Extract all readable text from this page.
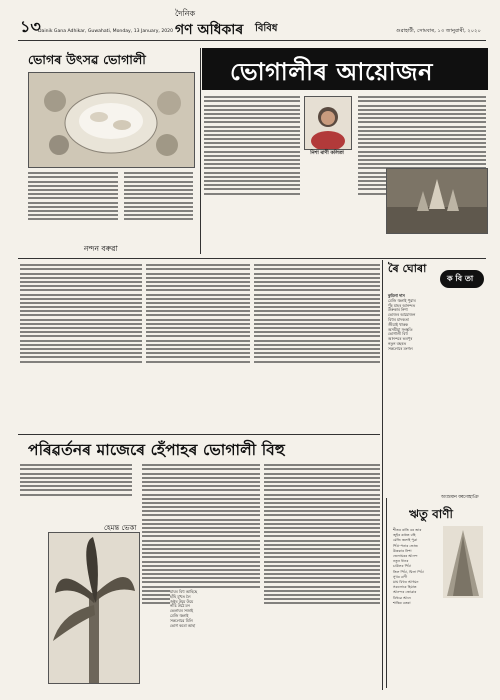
১৩
দৈনিক
গণ অধিকাৰ বিবিধ
Dainik Gana Adhikar, Guwahati, Monday, 13 January, 2020	গুৱাহাটী, সোমবাৰ, ১৩ জানুৱাৰী, ২০২০
ভোগৰ উৎসৱ ভোগালী
নন্দন বৰুৱা
ভোগালীৰ আয়োজন
নিশা ৰাণী কলিতা
ৰৈ ঘোৰা
ক বি তা
কুমিলা দাস
মেজি জ্বলাই পুৱাৰ
পুঁহ মাহৰ আনন্দত
উৰুকাৰ নিশা
ভোজৰ আয়োজন
বিহুৰ মাদকতা
জীয়াই থাকক
অসমীয়া সংস্কৃতি
ভোগালী বিহু
আনন্দৰে ভৰপূৰ
নতুন বছৰত
সকলোৰে মংগল
পৰিৱৰ্তনৰ মাজেৰে হেঁপাহৰ ভোগালী বিহু
হেমন্ত ভেকা
মাঘৰ বিহু আহিছে
হাঁহি মুখত লৈ
জুইৰ উমে উমে
নাচি উঠে মন
ভেলাঘৰ সজাই
মেজি জ্বলাই
সকলোৱে মিলি
ভোগ কৰো আহা
ঋতু বাণী
অংশুমান বৰগোহাঞি
শীতৰ ৰাতি বৰ জাৰ
জুইৰ কাষত বহি
মেজি জ্বলাই পুৱা
পিঠা-পনাৰ ভোজ
উৰুকাৰ নিশা
ভেলাঘৰৰ আনন্দ
নতুন ধানৰ
চাউলৰ পিঠা
তিল পিঠা, ঘিলা পিঠা
সুখৰ বাণী
মাঘ বিহুৰ আগমন
সকলোৰে হিয়াত
আনন্দৰ জোৱাৰ
বিহুৱে আনে
শান্তিৰ বতৰা
